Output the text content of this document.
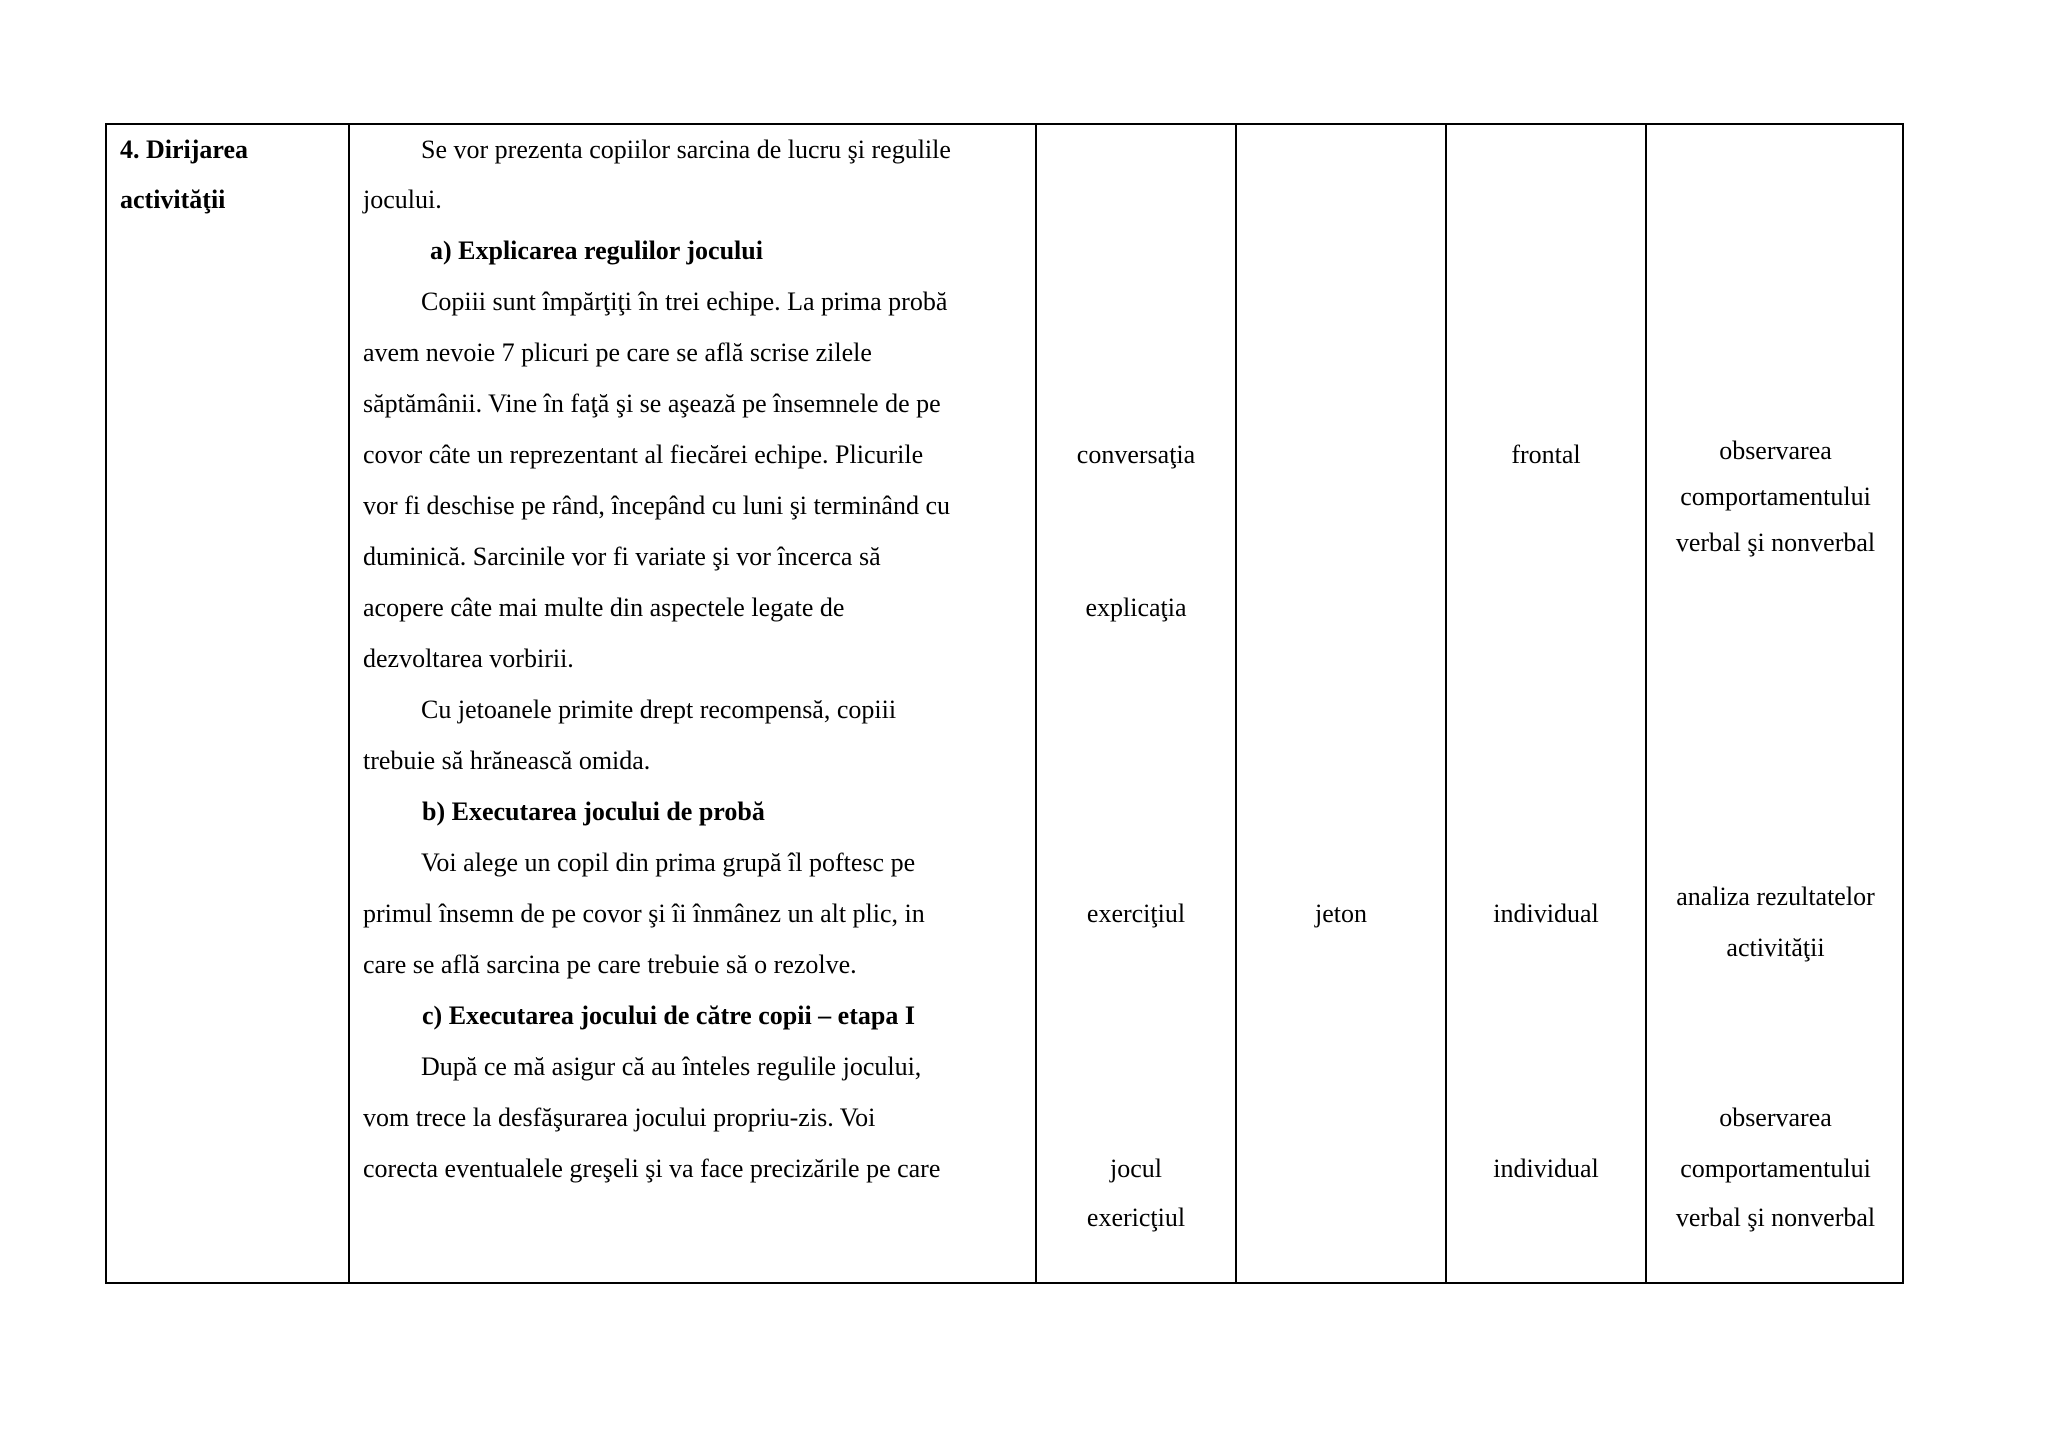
4. Dirijarea
activităţii
Se vor prezenta copiilor sarcina de lucru şi regulile
jocului.
a) Explicarea regulilor jocului
Copiii sunt împărţiţi în trei echipe. La prima probă
avem nevoie 7 plicuri pe care se află scrise zilele
săptămânii. Vine în faţă şi se aşează pe însemnele de pe
covor câte un reprezentant al fiecărei echipe. Plicurile
vor fi deschise pe rând, începând cu luni şi terminând cu
duminică. Sarcinile vor fi variate şi vor încerca să
acopere câte mai multe din aspectele legate de
dezvoltarea vorbirii.
Cu jetoanele primite drept recompensă, copiii
trebuie să hrănească omida.
b) Executarea jocului de probă
Voi alege un copil din prima grupă îl poftesc pe
primul însemn de pe covor şi îi înmânez un alt plic, in
care se află sarcina pe care trebuie să o rezolve.
c) Executarea jocului de către copii – etapa I
După ce mă asigur că au înteles regulile jocului,
vom trece la desfăşurarea jocului propriu-zis. Voi
corecta eventualele greşeli şi va face precizările pe care
conversaţia
explicaţia
exerciţiul
jocul
exericţiul
jeton
frontal
individual
individual
observarea
comportamentului
verbal şi nonverbal
analiza rezultatelor
activităţii
observarea
comportamentului
verbal şi nonverbal
